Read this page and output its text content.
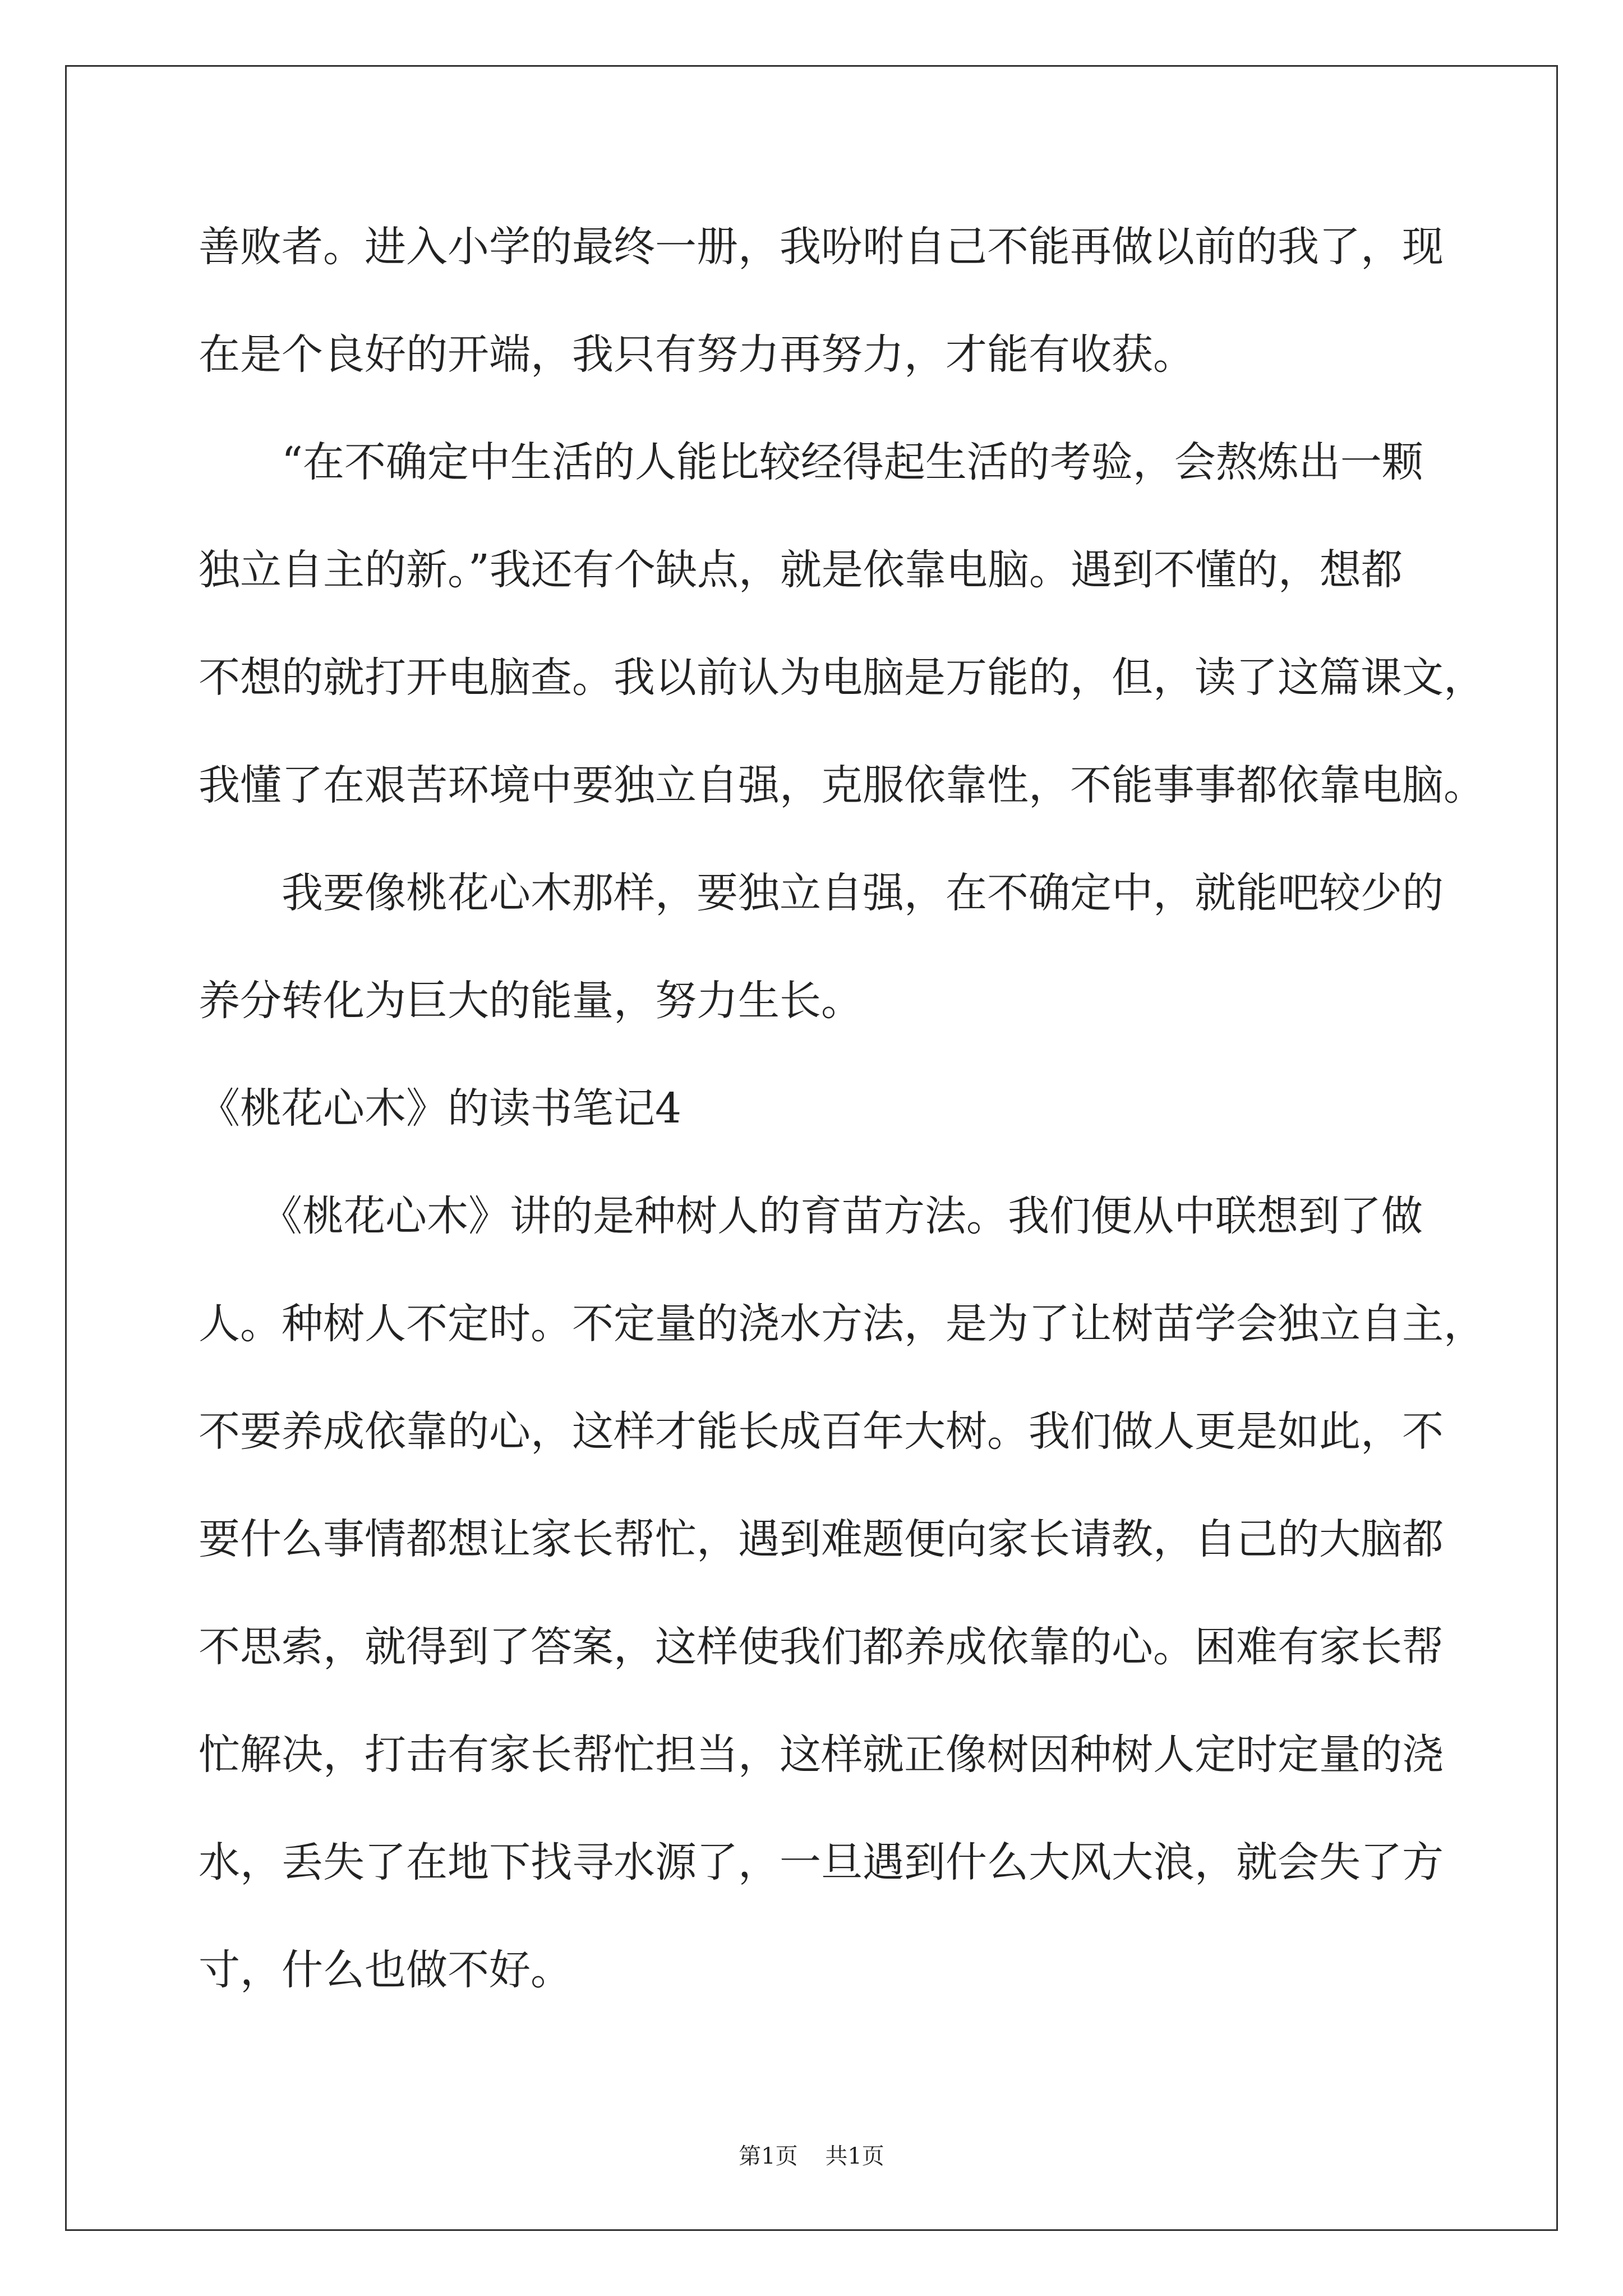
善败者。进入小学的最终一册，我吩咐自己不能再做以前的我了，现
在是个良好的开端，我只有努力再努力，才能有收获。
　　“在不确定中生活的人能比较经得起生活的考验，会熬炼出一颗
独立自主的新。”我还有个缺点，就是依靠电脑。遇到不懂的，想都
不想的就打开电脑查。我以前认为电脑是万能的，但，读了这篇课文，
我懂了在艰苦环境中要独立自强，克服依靠性，不能事事都依靠电脑。
　　我要像桃花心木那样，要独立自强，在不确定中，就能吧较少的
养分转化为巨大的能量，努力生长。
《桃花心木》的读书笔记4
　　《桃花心木》讲的是种树人的育苗方法。我们便从中联想到了做
人。种树人不定时。不定量的浇水方法，是为了让树苗学会独立自主，
不要养成依靠的心，这样才能长成百年大树。我们做人更是如此，不
要什么事情都想让家长帮忙，遇到难题便向家长请教，自己的大脑都
不思索，就得到了答案，这样使我们都养成依靠的心。困难有家长帮
忙解决，打击有家长帮忙担当，这样就正像树因种树人定时定量的浇
水，丢失了在地下找寻水源了，一旦遇到什么大风大浪，就会失了方
寸，什么也做不好。
第1页 共1页
